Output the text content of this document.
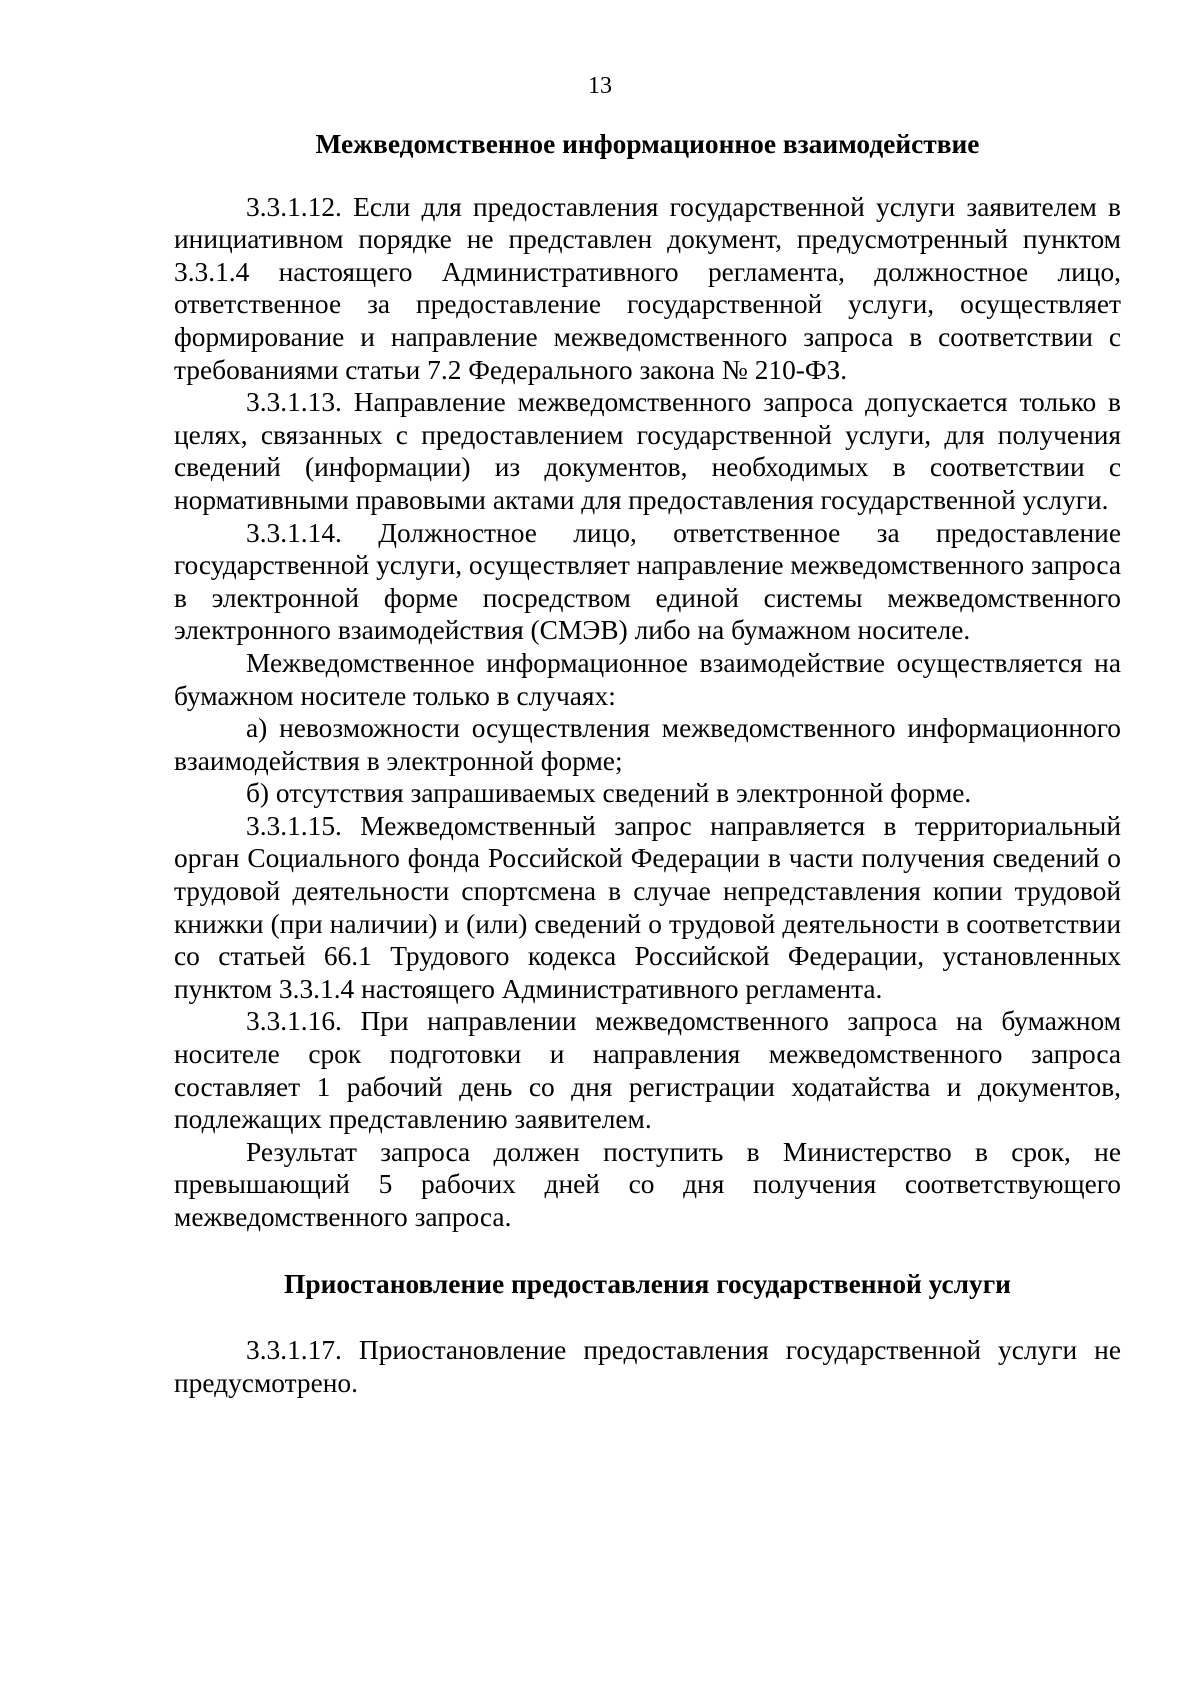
13

Межведомственное информационное взаимодействие

3.3.1.12. Если для предоставления государственной услуги заявителем в инициативном порядке не представлен документ, предусмотренный пунктом 3.3.1.4 настоящего Административного регламента, должностное лицо, ответственное за предоставление государственной услуги, осуществляет формирование и направление межведомственного запроса в соответствии с требованиями статьи 7.2 Федерального закона № 210-ФЗ.

3.3.1.13. Направление межведомственного запроса допускается только в целях, связанных с предоставлением государственной услуги, для получения сведений (информации) из документов, необходимых в соответствии с нормативными правовыми актами для предоставления государственной услуги.

3.3.1.14. Должностное лицо, ответственное за предоставление государственной услуги, осуществляет направление межведомственного запроса в электронной форме посредством единой системы межведомственного электронного взаимодействия (СМЭВ) либо на бумажном носителе.

Межведомственное информационное взаимодействие осуществляется на бумажном носителе только в случаях:

а) невозможности осуществления межведомственного информационного взаимодействия в электронной форме;

б) отсутствия запрашиваемых сведений в электронной форме.

3.3.1.15. Межведомственный запрос направляется в территориальный орган Социального фонда Российской Федерации в части получения сведений о трудовой деятельности спортсмена в случае непредставления копии трудовой книжки (при наличии) и (или) сведений о трудовой деятельности в соответствии со статьей 66.1 Трудового кодекса Российской Федерации, установленных пунктом 3.3.1.4 настоящего Административного регламента.

3.3.1.16. При направлении межведомственного запроса на бумажном носителе срок подготовки и направления межведомственного запроса составляет 1 рабочий день со дня регистрации ходатайства и документов, подлежащих представлению заявителем.

Результат запроса должен поступить в Министерство в срок, не превышающий 5 рабочих дней со дня получения соответствующего межведомственного запроса.

Приостановление предоставления государственной услуги

3.3.1.17. Приостановление предоставления государственной услуги не предусмотрено.
